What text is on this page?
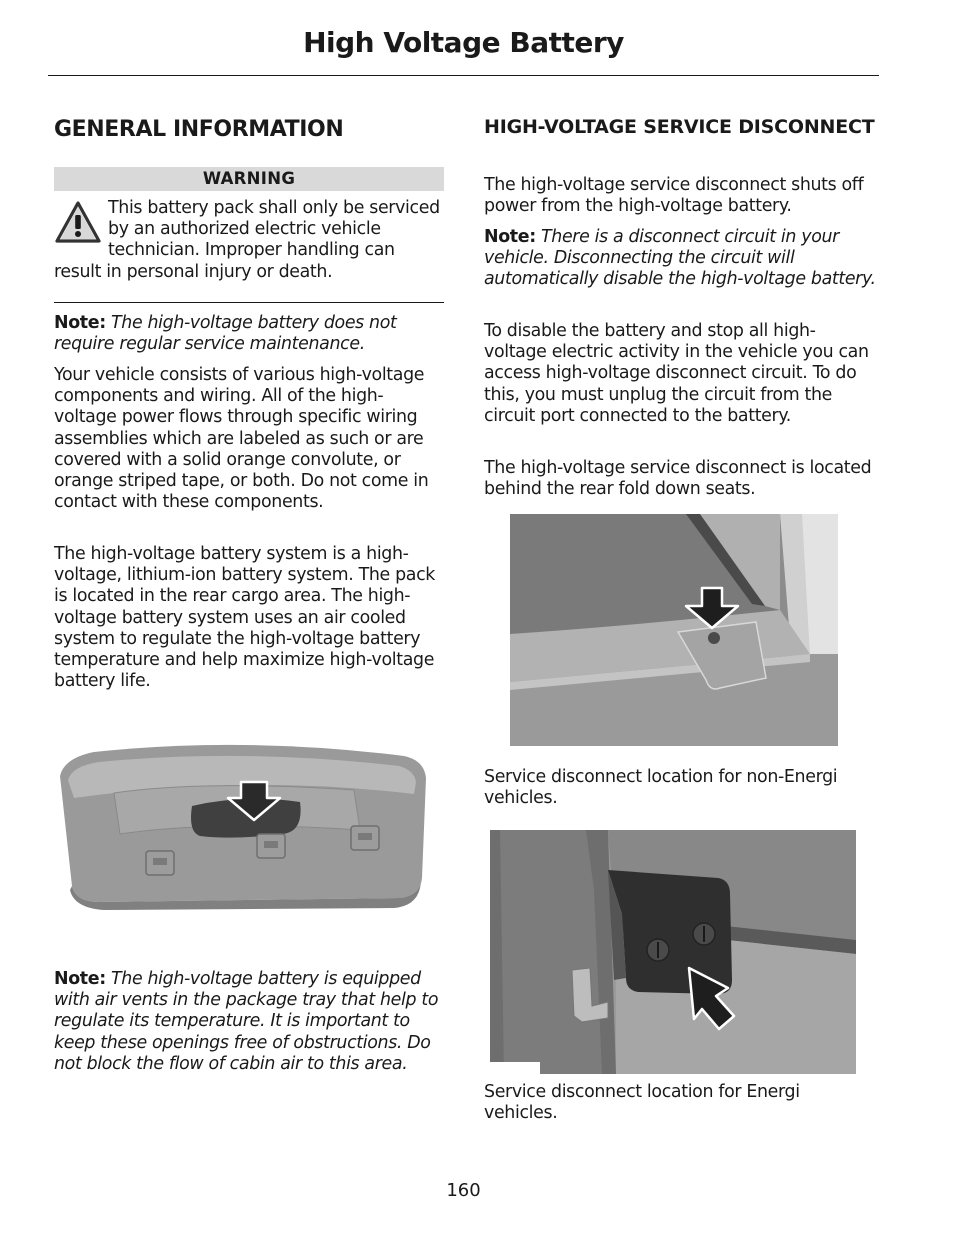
High Voltage Battery
GENERAL INFORMATION
WARNING

This battery pack shall only be serviced by an authorized electric vehicle technician. Improper handling can result in personal injury or death.

Note: The high-voltage battery does not require regular service maintenance.

Your vehicle consists of various high-voltage components and wiring. All of the high-voltage power flows through specific wiring assemblies which are labeled as such or are covered with a solid orange convolute, or orange striped tape, or both. Do not come in contact with these components.

The high-voltage battery system is a high-voltage, lithium-ion battery system. The pack is located in the rear cargo area. The high-voltage battery system uses an air cooled system to regulate the high-voltage battery temperature and help maximize high-voltage battery life.

Note: The high-voltage battery is equipped with air vents in the package tray that help to regulate its temperature. It is important to keep these openings free of obstructions. Do not block the flow of cabin air to this area.

HIGH-VOLTAGE SERVICE DISCONNECT

The high-voltage service disconnect shuts off power from the high-voltage battery.

Note: There is a disconnect circuit in your vehicle. Disconnecting the circuit will automatically disable the high-voltage battery.

To disable the battery and stop all high-voltage electric activity in the vehicle you can access high-voltage disconnect circuit. To do this, you must unplug the circuit from the circuit port connected to the battery.

The high-voltage service disconnect is located behind the rear fold down seats.

Service disconnect location for non-Energi vehicles.

Service disconnect location for Energi vehicles.

160
